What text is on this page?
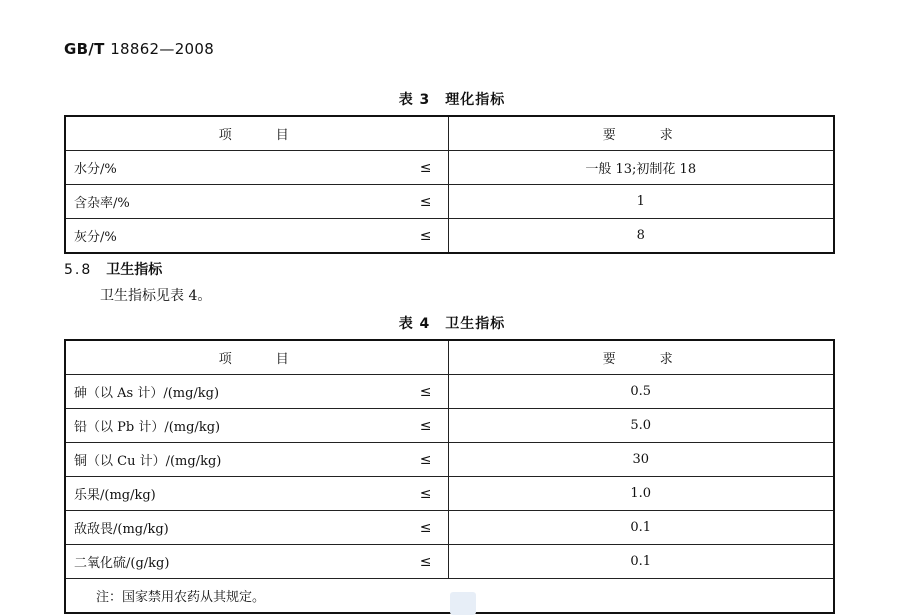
GB/T 18862—2008
表 3　理化指标
项　　目	要　　求
水分/% ≤	一般 13;初制花 18
含杂率/% ≤	1
灰分/% ≤	8
5.8 卫生指标
卫生指标见表 4。
表 4　卫生指标
项　　目	要　　求
砷（以 As 计）/(mg/kg) ≤	0.5
铅（以 Pb 计）/(mg/kg) ≤	5.0
铜（以 Cu 计）/(mg/kg) ≤	30
乐果/(mg/kg) ≤	1.0
敌敌畏/(mg/kg) ≤	0.1
二氧化硫/(g/kg) ≤	0.1
注：国家禁用农药从其规定。	
